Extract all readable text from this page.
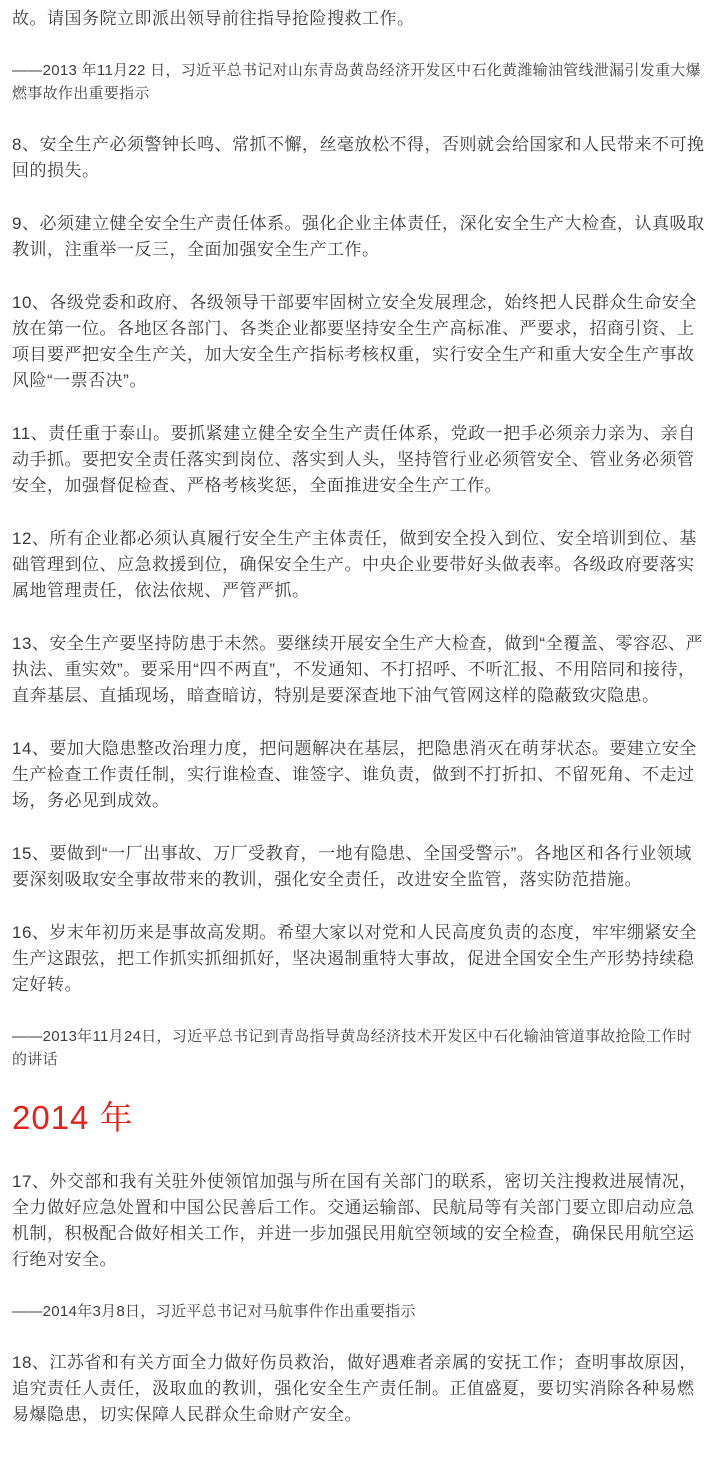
故。请国务院立即派出领导前往指导抢险搜救工作。

——2013 年11月22 日，习近平总书记对山东青岛黄岛经济开发区中石化黄潍输油管线泄漏引发重大爆燃事故作出重要指示

8、安全生产必须警钟长鸣、常抓不懈，丝毫放松不得，否则就会给国家和人民带来不可挽回的损失。

9、必须建立健全安全生产责任体系。强化企业主体责任，深化安全生产大检查，认真吸取教训，注重举一反三，全面加强安全生产工作。

10、各级党委和政府、各级领导干部要牢固树立安全发展理念，始终把人民群众生命安全放在第一位。各地区各部门、各类企业都要坚持安全生产高标准、严要求，招商引资、上项目要严把安全生产关，加大安全生产指标考核权重，实行安全生产和重大安全生产事故风险“一票否决”。

11、责任重于泰山。要抓紧建立健全安全生产责任体系，党政一把手必须亲力亲为、亲自动手抓。要把安全责任落实到岗位、落实到人头，坚持管行业必须管安全、管业务必须管安全，加强督促检查、严格考核奖惩，全面推进安全生产工作。

12、所有企业都必须认真履行安全生产主体责任，做到安全投入到位、安全培训到位、基础管理到位、应急救援到位，确保安全生产。中央企业要带好头做表率。各级政府要落实属地管理责任，依法依规、严管严抓。

13、安全生产要坚持防患于未然。要继续开展安全生产大检查，做到“全覆盖、零容忍、严执法、重实效”。要采用“四不两直”，不发通知、不打招呼、不听汇报、不用陪同和接待，直奔基层、直插现场，暗查暗访，特别是要深查地下油气管网这样的隐蔽致灾隐患。

14、要加大隐患整改治理力度，把问题解决在基层，把隐患消灭在萌芽状态。要建立安全生产检查工作责任制，实行谁检查、谁签字、谁负责，做到不打折扣、不留死角、不走过场，务必见到成效。

15、要做到“一厂出事故、万厂受教育，一地有隐患、全国受警示”。各地区和各行业领域要深刻吸取安全事故带来的教训，强化安全责任，改进安全监管，落实防范措施。

16、岁末年初历来是事故高发期。希望大家以对党和人民高度负责的态度，牢牢绷紧安全生产这跟弦，把工作抓实抓细抓好，坚决遏制重特大事故，促进全国安全生产形势持续稳定好转。

——2013年11月24日，习近平总书记到青岛指导黄岛经济技术开发区中石化输油管道事故抢险工作时的讲话

2014 年

17、外交部和我有关驻外使领馆加强与所在国有关部门的联系，密切关注搜救进展情况，全力做好应急处置和中国公民善后工作。交通运输部、民航局等有关部门要立即启动应急机制，积极配合做好相关工作，并进一步加强民用航空领域的安全检查，确保民用航空运行绝对安全。

——2014年3月8日，习近平总书记对马航事件作出重要指示

18、江苏省和有关方面全力做好伤员救治，做好遇难者亲属的安抚工作；查明事故原因，追究责任人责任，汲取血的教训，强化安全生产责任制。正值盛夏，要切实消除各种易燃易爆隐患，切实保障人民群众生命财产安全。
